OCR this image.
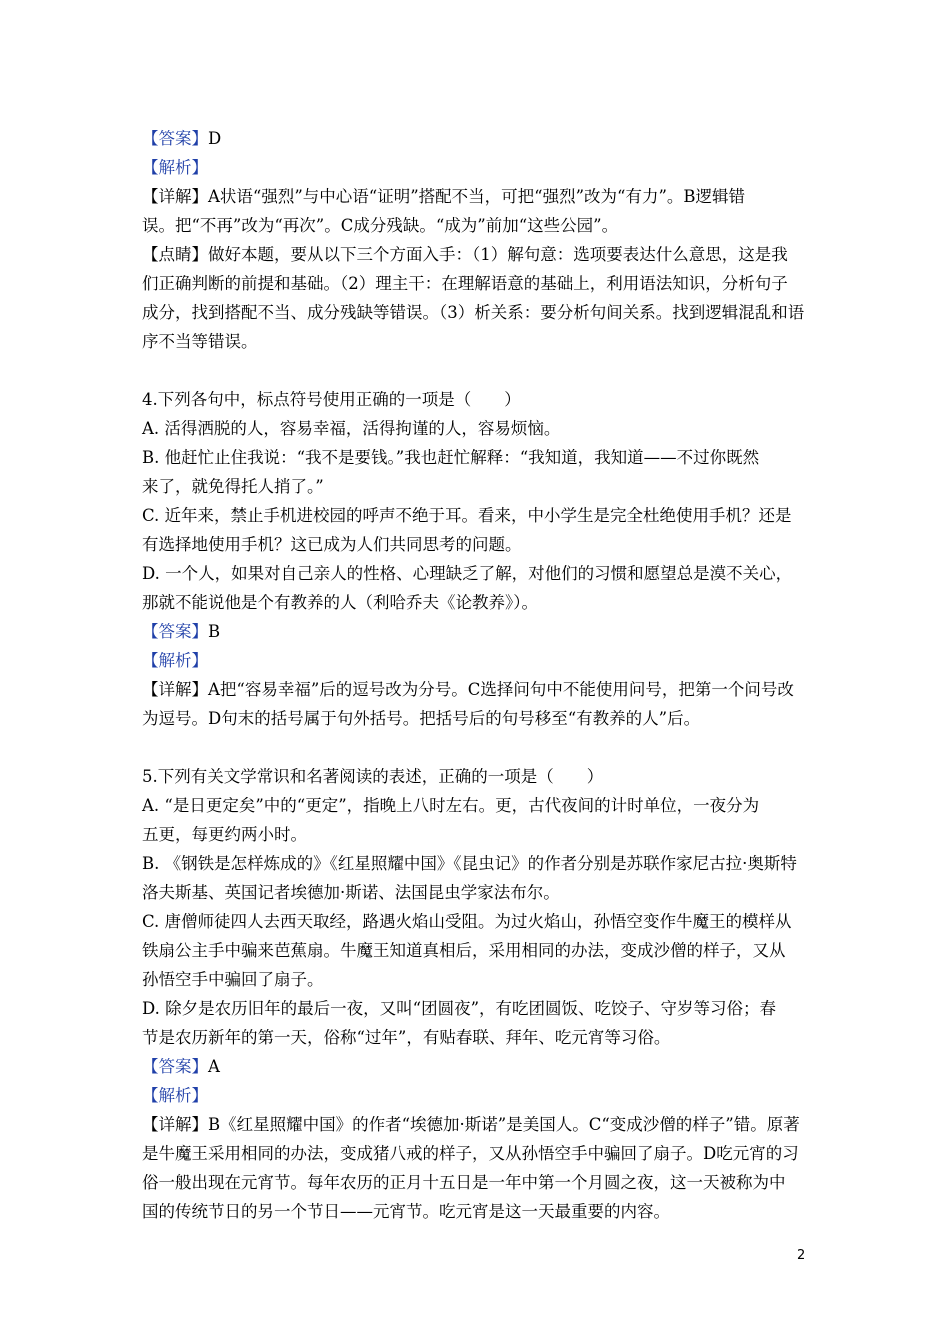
【答案】D
【解析】
【详解】A状语“强烈”与中心语“证明”搭配不当，可把“强烈”改为“有力”。B逻辑错
误。把“不再”改为“再次”。C成分残缺。“成为”前加“这些公园”。
【点睛】做好本题，要从以下三个方面入手：（1）解句意：选项要表达什么意思，这是我
们正确判断的前提和基础。（2）理主干：在理解语意的基础上，利用语法知识，分析句子
成分，找到搭配不当、成分残缺等错误。（3）析关系：要分析句间关系。找到逻辑混乱和语
序不当等错误。
4.下列各句中，标点符号使用正确的一项是（　　）
A. 活得洒脱的人，容易幸福，活得拘谨的人，容易烦恼。
B. 他赶忙止住我说：“我不是要钱。”我也赶忙解释：“我知道，我知道——不过你既然
来了，就免得托人捎了。”
C. 近年来，禁止手机进校园的呼声不绝于耳。看来，中小学生是完全杜绝使用手机？还是
有选择地使用手机？这已成为人们共同思考的问题。
D. 一个人，如果对自己亲人的性格、心理缺乏了解，对他们的习惯和愿望总是漠不关心，
那就不能说他是个有教养的人（利哈乔夫《论教养》）。
【答案】B
【解析】
【详解】A把“容易幸福”后的逗号改为分号。C选择问句中不能使用问号，把第一个问号改
为逗号。D句末的括号属于句外括号。把括号后的句号移至“有教养的人”后。
5.下列有关文学常识和名著阅读的表述，正确的一项是（　　）
A. “是日更定矣”中的“更定”，指晚上八时左右。更，古代夜间的计时单位，一夜分为
五更，每更约两小时。
B. 《钢铁是怎样炼成的》《红星照耀中国》《昆虫记》的作者分别是苏联作家尼古拉·奥斯特
洛夫斯基、英国记者埃德加·斯诺、法国昆虫学家法布尔。
C. 唐僧师徒四人去西天取经，路遇火焰山受阻。为过火焰山，孙悟空变作牛魔王的模样从
铁扇公主手中骗来芭蕉扇。牛魔王知道真相后，采用相同的办法，变成沙僧的样子，又从
孙悟空手中骗回了扇子。
D. 除夕是农历旧年的最后一夜，又叫“团圆夜”，有吃团圆饭、吃饺子、守岁等习俗；春
节是农历新年的第一天，俗称“过年”，有贴春联、拜年、吃元宵等习俗。
【答案】A
【解析】
【详解】B《红星照耀中国》的作者“埃德加·斯诺”是美国人。C“变成沙僧的样子”错。原著
是牛魔王采用相同的办法，变成猪八戒的样子，又从孙悟空手中骗回了扇子。D吃元宵的习
俗一般出现在元宵节。每年农历的正月十五日是一年中第一个月圆之夜，这一天被称为中
国的传统节日的另一个节日——元宵节。吃元宵是这一天最重要的内容。
2
